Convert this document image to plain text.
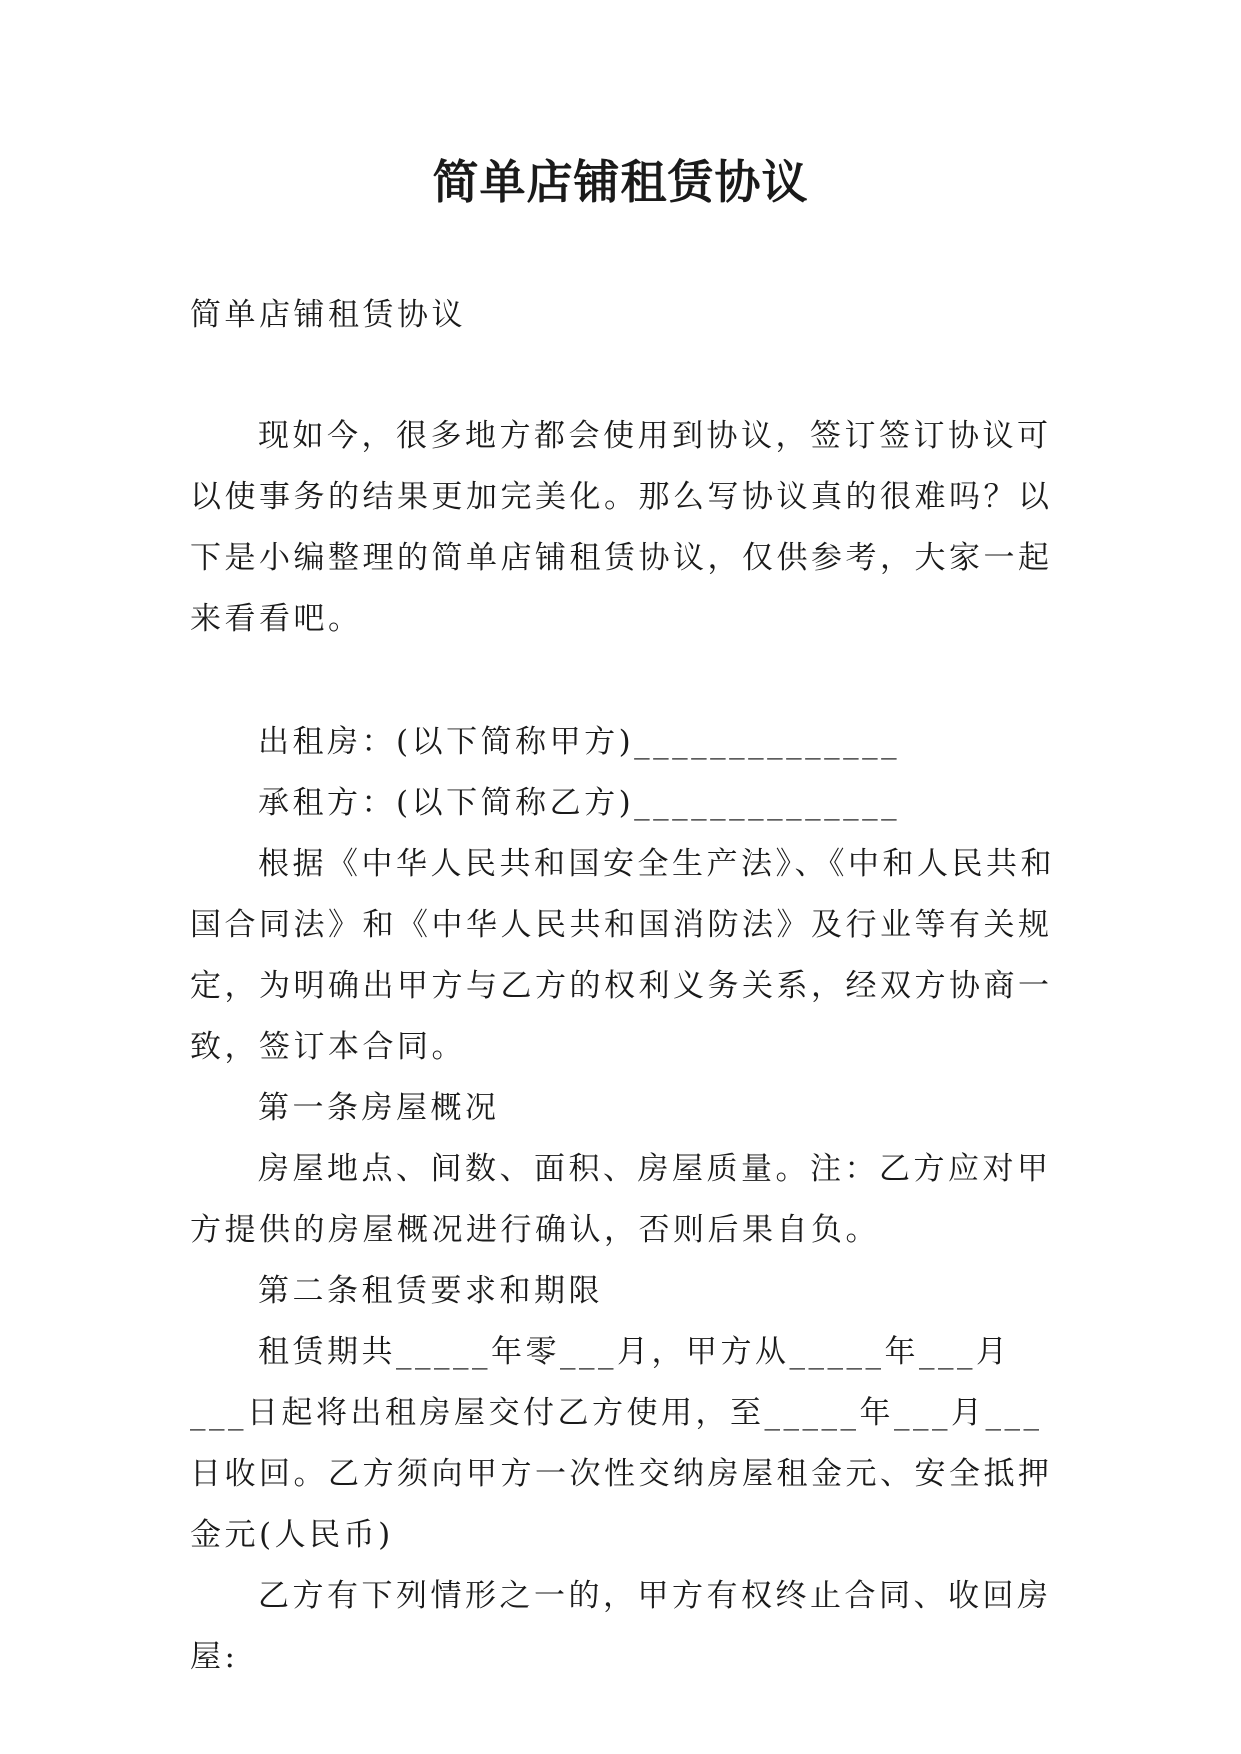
简单店铺租赁协议

简单店铺租赁协议

现如今，很多地方都会使用到协议，签订签订协议可以使事务的结果更加完美化。那么写协议真的很难吗？以下是小编整理的简单店铺租赁协议，仅供参考，大家一起来看看吧。

出租房：(以下简称甲方)______________

承租方：(以下简称乙方)______________

根据《中华人民共和国安全生产法》、《中和人民共和国合同法》和《中华人民共和国消防法》及行业等有关规定，为明确出甲方与乙方的权利义务关系，经双方协商一致，签订本合同。

第一条房屋概况

房屋地点、间数、面积、房屋质量。注：乙方应对甲方提供的房屋概况进行确认，否则后果自负。

第二条租赁要求和期限

租赁期共_____年零___月，甲方从_____年___月___日起将出租房屋交付乙方使用，至_____年___月___日收回。乙方须向甲方一次性交纳房屋租金元、安全抵押金元(人民币)

乙方有下列情形之一的，甲方有权终止合同、收回房屋:
